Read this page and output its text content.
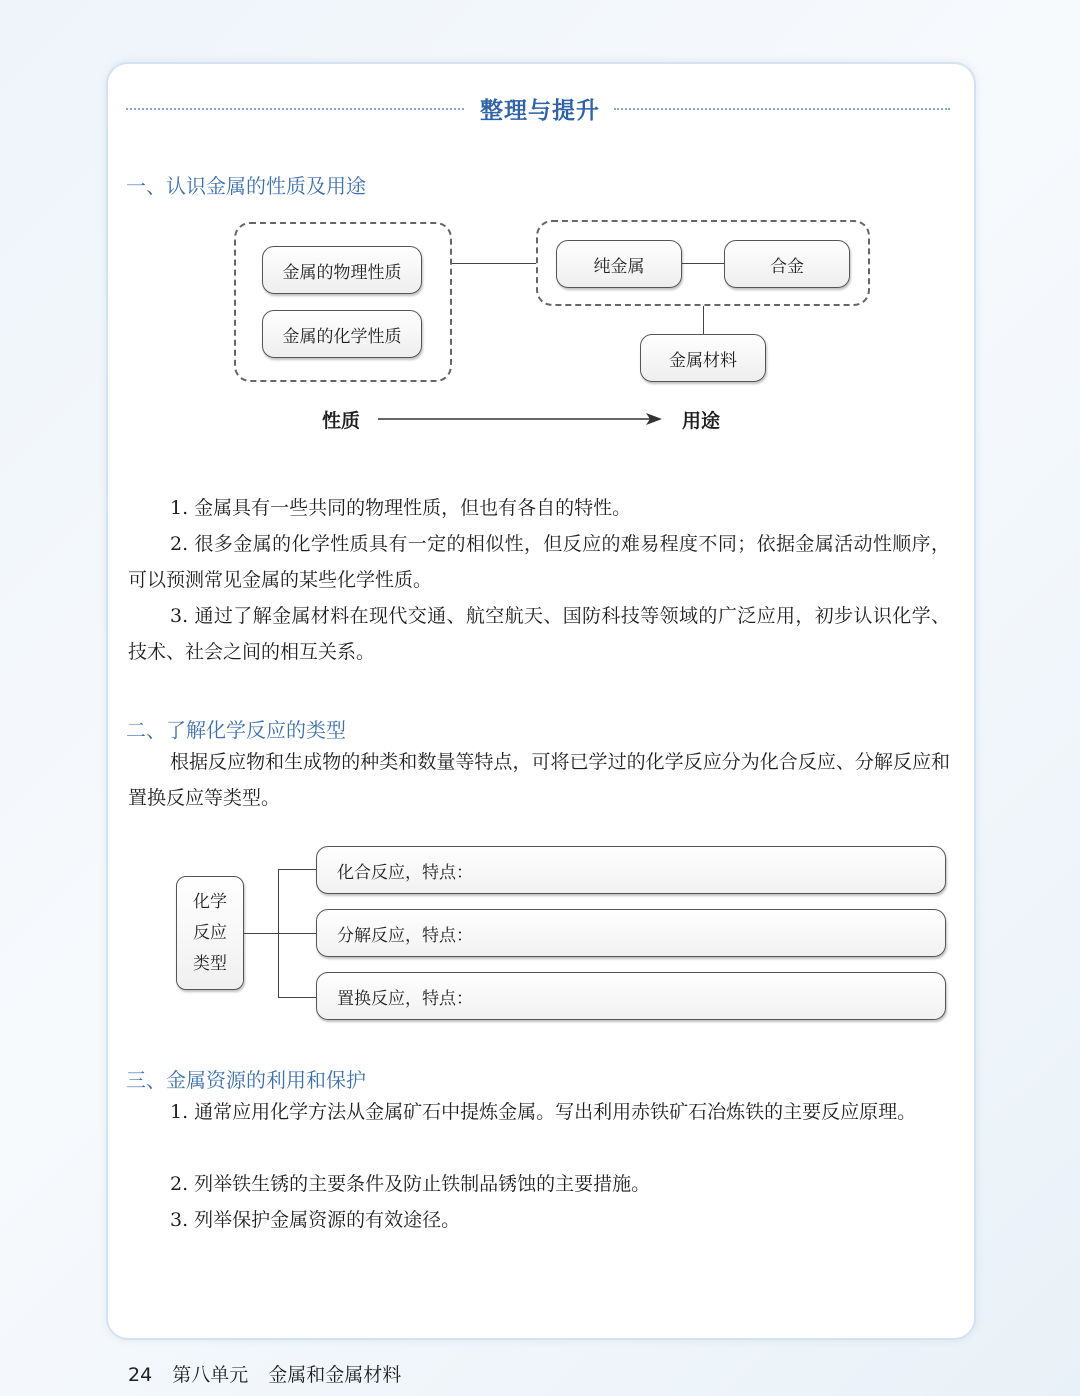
整理与提升
一、认识金属的性质及用途
金属的物理性质
金属的化学性质
纯金属	合金
金属材料
性质	用途

1. 金属具有一些共同的物理性质，但也有各自的特性。

2. 很多金属的化学性质具有一定的相似性，但反应的难易程度不同；依据金属活动性顺序，可以预测常见金属的某些化学性质。

3. 通过了解金属材料在现代交通、航空航天、国防科技等领域的广泛应用，初步认识化学、技术、社会之间的相互关系。

二、了解化学反应的类型

根据反应物和生成物的种类和数量等特点，可将已学过的化学反应分为化合反应、分解反应和置换反应等类型。

化学
反应
类型
化合反应，特点：
分解反应，特点：
置换反应，特点：
三、金属资源的利用和保护

1. 通常应用化学方法从金属矿石中提炼金属。写出利用赤铁矿石冶炼铁的主要反应原理。

2. 列举铁生锈的主要条件及防止铁制品锈蚀的主要措施。

3. 列举保护金属资源的有效途径。

24 第八单元 金属和金属材料
